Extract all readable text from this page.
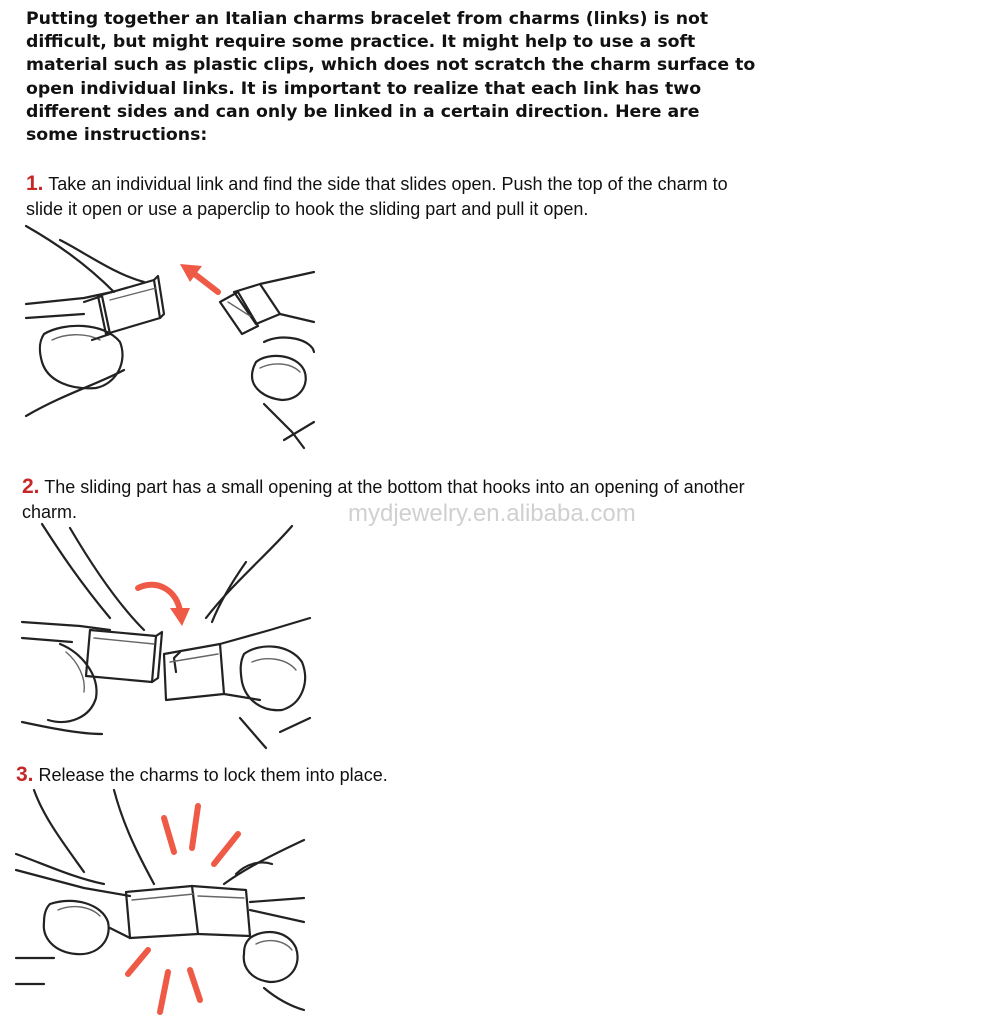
Putting together an Italian charms bracelet from charms (links) is not difficult, but might require some practice. It might help to use a soft material such as plastic clips, which does not scratch the charm surface to open individual links. It is important to realize that each link has two different sides and can only be linked in a certain direction. Here are some instructions:

1. Take an individual link and find the side that slides open. Push the top of the charm to slide it open or use a paperclip to hook the sliding part and pull it open.

2. The sliding part has a small opening at the bottom that hooks into an opening of another charm.	mydjewelry.en.alibaba.com

3. Release the charms to lock them into place.
